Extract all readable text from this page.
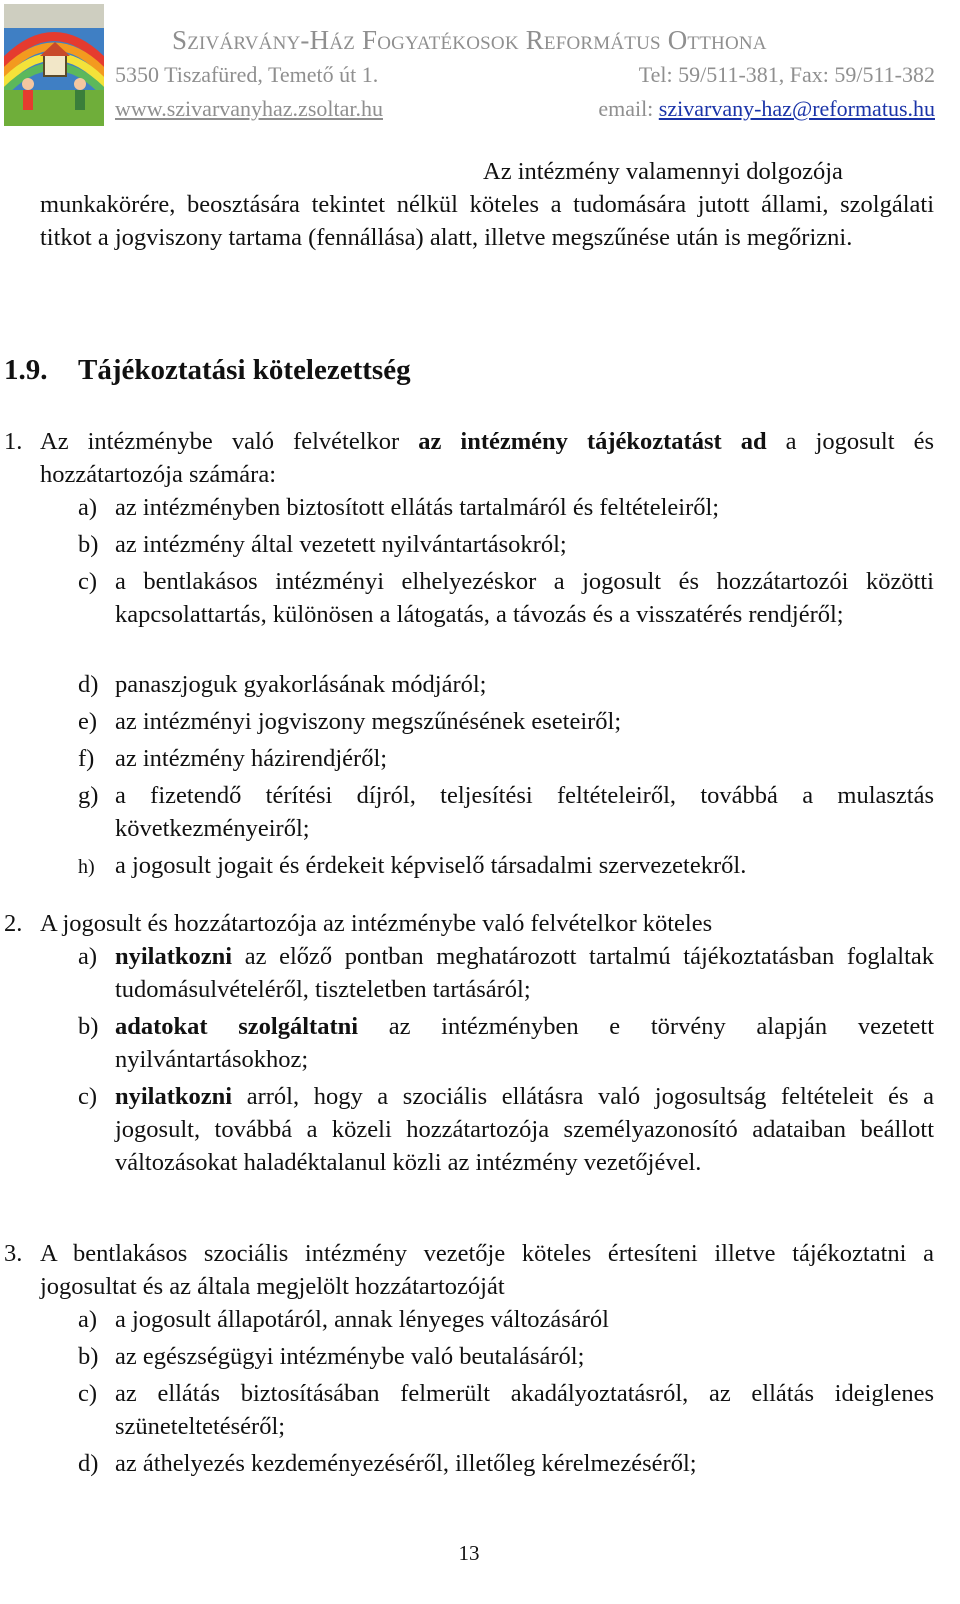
Szivárvány-Ház Fogyatékosok Református Otthona
5350 Tiszafüred, Temető út 1.	Tel: 59/511-381, Fax: 59/511-382
www.szivarvanyhaz.zsoltar.hu	email: szivarvany-haz@reformatus.hu
Az intézmény valamennyi dolgozója
munkakörére, beosztására tekintet nélkül köteles a tudomására jutott állami, szolgálati titkot a jogviszony tartama (fennállása) alatt, illetve megszűnése után is megőrizni.
1.9. Tájékoztatási kötelezettség
1. Az intézménybe való felvételkor az intézmény tájékoztatást ad a jogosult és hozzátartozója számára:
a) az intézményben biztosított ellátás tartalmáról és feltételeiről;
b) az intézmény által vezetett nyilvántartásokról;
c) a bentlakásos intézményi elhelyezéskor a jogosult és hozzátartozói közötti kapcsolattartás, különösen a látogatás, a távozás és a visszatérés rendjéről;
d) panaszjoguk gyakorlásának módjáról;
e) az intézményi jogviszony megszűnésének eseteiről;
f) az intézmény házirendjéről;
g) a fizetendő térítési díjról, teljesítési feltételeiről, továbbá a mulasztás következményeiről;
h) a jogosult jogait és érdekeit képviselő társadalmi szervezetekről.
2. A jogosult és hozzátartozója az intézménybe való felvételkor köteles
a) nyilatkozni az előző pontban meghatározott tartalmú tájékoztatásban foglaltak tudomásulvételéről, tiszteletben tartásáról;
b) adatokat szolgáltatni az intézményben e törvény alapján vezetett nyilvántartásokhoz;
c) nyilatkozni arról, hogy a szociális ellátásra való jogosultság feltételeit és a jogosult, továbbá a közeli hozzátartozója személyazonosító adataiban beállott változásokat haladéktalanul közli az intézmény vezetőjével.
3. A bentlakásos szociális intézmény vezetője köteles értesíteni illetve tájékoztatni a jogosultat és az általa megjelölt hozzátartozóját
a) a jogosult állapotáról, annak lényeges változásáról
b) az egészségügyi intézménybe való beutalásáról;
c) az ellátás biztosításában felmerült akadályoztatásról, az ellátás ideiglenes szüneteltetéséről;
d) az áthelyezés kezdeményezéséről, illetőleg kérelmezéséről;
13
